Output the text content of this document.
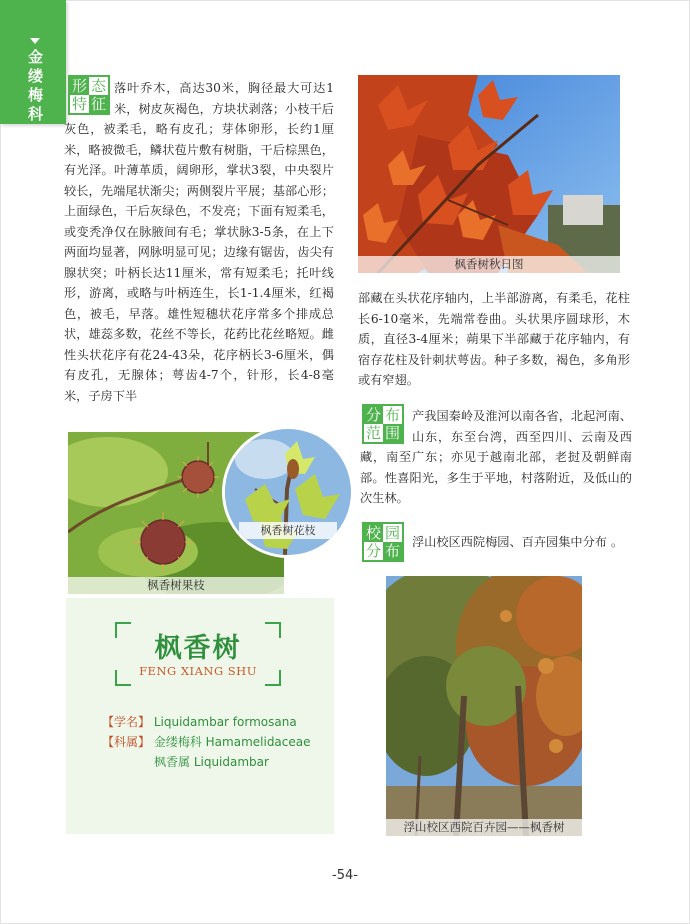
金缕梅科
形 态
特 征

落叶乔木，高达30米，胸径最大可达1米，树皮灰褐色，方块状剥落；小枝干后灰色，被柔毛，略有皮孔；芽体卵形，长约1厘米，略被微毛，鳞状苞片敷有树脂，干后棕黑色，有光泽。叶薄革质，阔卵形，掌状3裂，中央裂片较长，先端尾状渐尖；两侧裂片平展；基部心形；上面绿色，干后灰绿色，不发亮；下面有短柔毛，或变秃净仅在脉腋间有毛；掌状脉3-5条，在上下两面均显著，网脉明显可见；边缘有锯齿，齿尖有腺状突；叶柄长达11厘米，常有短柔毛；托叶线形，游离，或略与叶柄连生，长1-1.4厘米，红褐色，被毛，早落。雄性短穗状花序常多个排成总状，雄蕊多数，花丝不等长，花药比花丝略短。雌性头状花序有花24-43朵，花序柄长3-6厘米，偶有皮孔，无腺体；萼齿4-7个，针形，长4-8毫米，子房下半

枫香树秋日图

部藏在头状花序轴内，上半部游离，有柔毛，花柱长6-10毫米，先端常卷曲。头状果序圆球形，木质，直径3-4厘米；蒴果下半部藏于花序轴内，有宿存花柱及针刺状萼齿。种子多数，褐色，多角形或有窄翅。

分 布
范 围

产我国秦岭及淮河以南各省，北起河南、山东，东至台湾，西至四川、云南及西藏，南至广东；亦见于越南北部，老挝及朝鲜南部。性喜阳光，多生于平地，村落附近，及低山的次生林。

校 园
分 布 浮山校区西院梅园、百卉园集中分布 。

枫香树果枝
枫香树花枝
枫香树
FENG XIANG SHU
【学名】 Liquidambar formosana
【科属】 金缕梅科 Hamamelidaceae
枫香属 Liquidambar
浮山校区西院百卉园——枫香树
-54-
